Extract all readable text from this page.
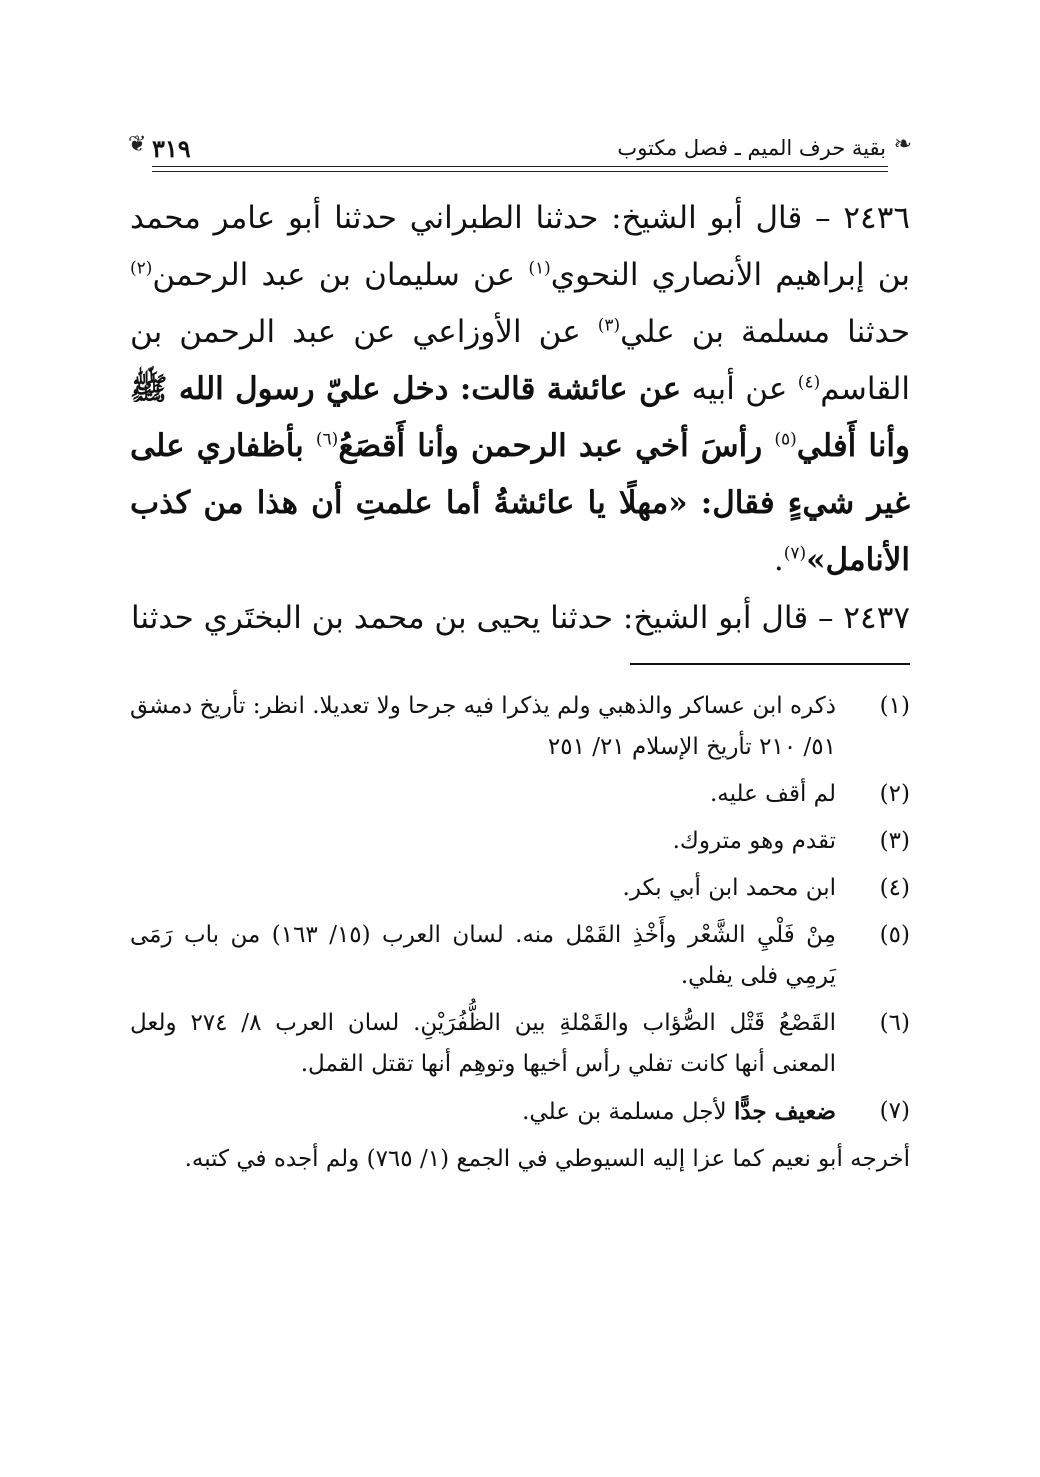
❦ ٣١٩	بقية حرف الميم ـ فصل مكتوب ❧
٢٤٣٦ – قال أبو الشيخ: حدثنا الطبراني حدثنا أبو عامر محمد بن إبراهيم الأنصاري النحوي$^{(١)}$ عن سليمان بن عبد الرحمن$^{(٢)}$ حدثنا مسلمة بن علي$^{(٣)}$ عن الأوزاعي عن عبد الرحمن بن القاسم$^{(٤)}$ عن أبيه عن عائشة قالت: دخل عليّ رسول الله ﷺ وأنا أَفلي$^{(٥)}$ رأسَ أخي عبد الرحمن وأنا أَقصَعُ$^{(٦)}$ بأظفاري على غير شيءٍ فقال: «مهلًا يا عائشةُ أما علمتِ أن هذا من كذب الأنامل»$^{(٧)}$.
٢٤٣٧ – قال أبو الشيخ: حدثنا يحيى بن محمد بن البختَري حدثنا
(١)
ذكره ابن عساكر والذهبي ولم يذكرا فيه جرحا ولا تعديلا. انظر: تأريخ دمشق ٥١/ ٢١٠ تأريخ الإسلام ٢١/ ٢٥١
(٢)
لم أقف عليه.
(٣)
تقدم وهو متروك.
(٤)
ابن محمد ابن أبي بكر.
(٥)
مِنْ فَلْيِ الشَّعْر وأَخْذِ القَمْل منه. لسان العرب (١٥/ ١٦٣) من باب رَمَى يَرمِي فلى يفلي.
(٦)
القَصْعُ قَتْل الصُّؤاب والقَمْلةِ بين الظُّفُرَيْنِ. لسان العرب ٨/ ٢٧٤ ولعل المعنى أنها كانت تفلي رأس أخيها وتوهِم أنها تقتل القمل.
(٧)
ضعيف جدًّا لأجل مسلمة بن علي.
أخرجه أبو نعيم كما عزا إليه السيوطي في الجمع (١/ ٧٦٥) ولم أجده في كتبه.
